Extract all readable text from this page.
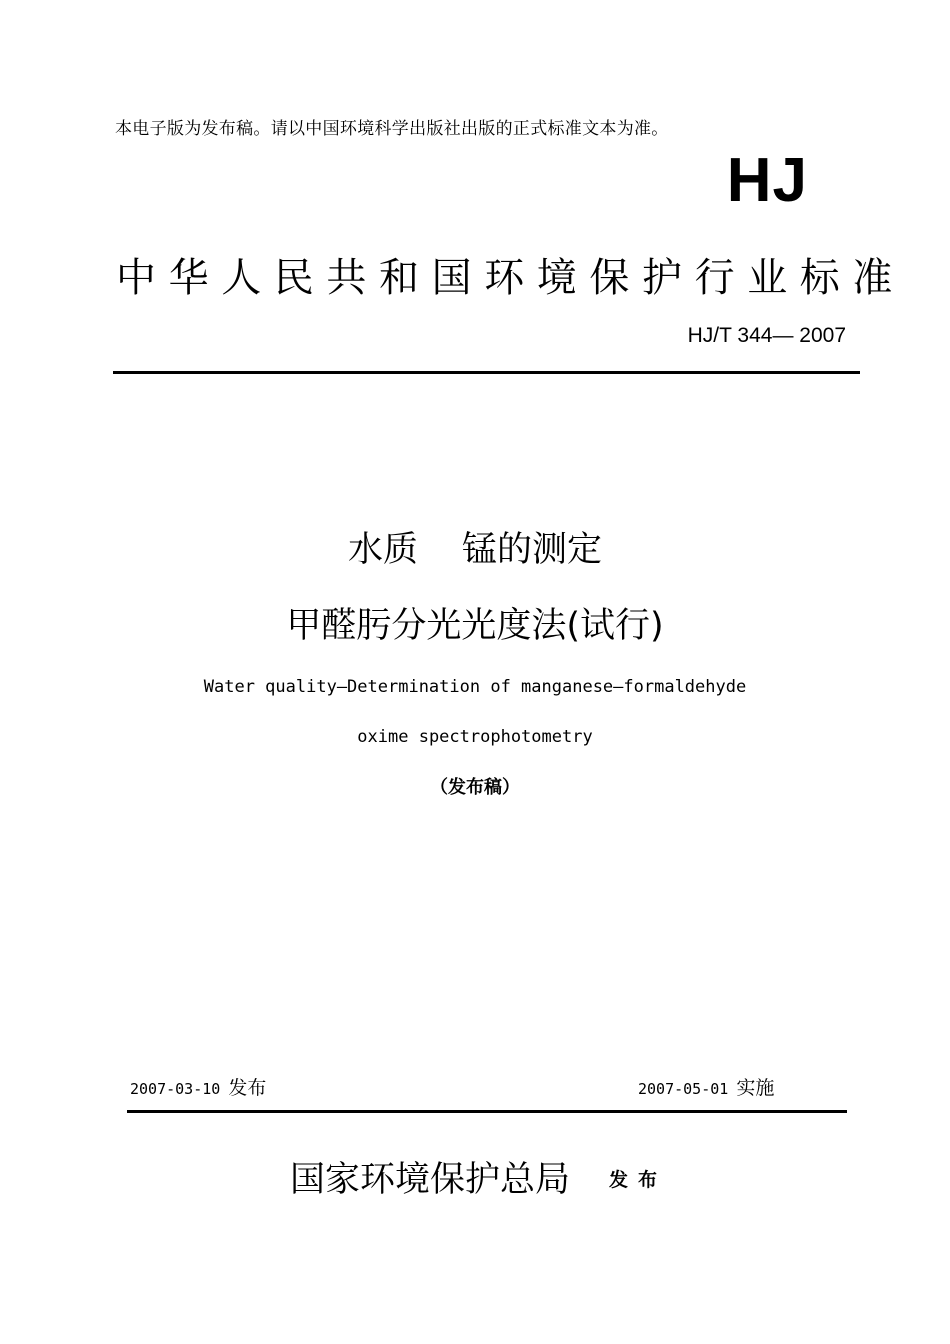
本电子版为发布稿。请以中国环境科学出版社出版的正式标准文本为准。
HJ
中华人民共和国环境保护行业标准
HJ/T 344— 2007
水质 锰的测定
甲醛肟分光光度法(试行)
Water quality—Determination of manganese—formaldehyde
oxime spectrophotometry
（发布稿）
2007-03-10 发布	2007-05-01 实施
国家环境保护总局 发布
